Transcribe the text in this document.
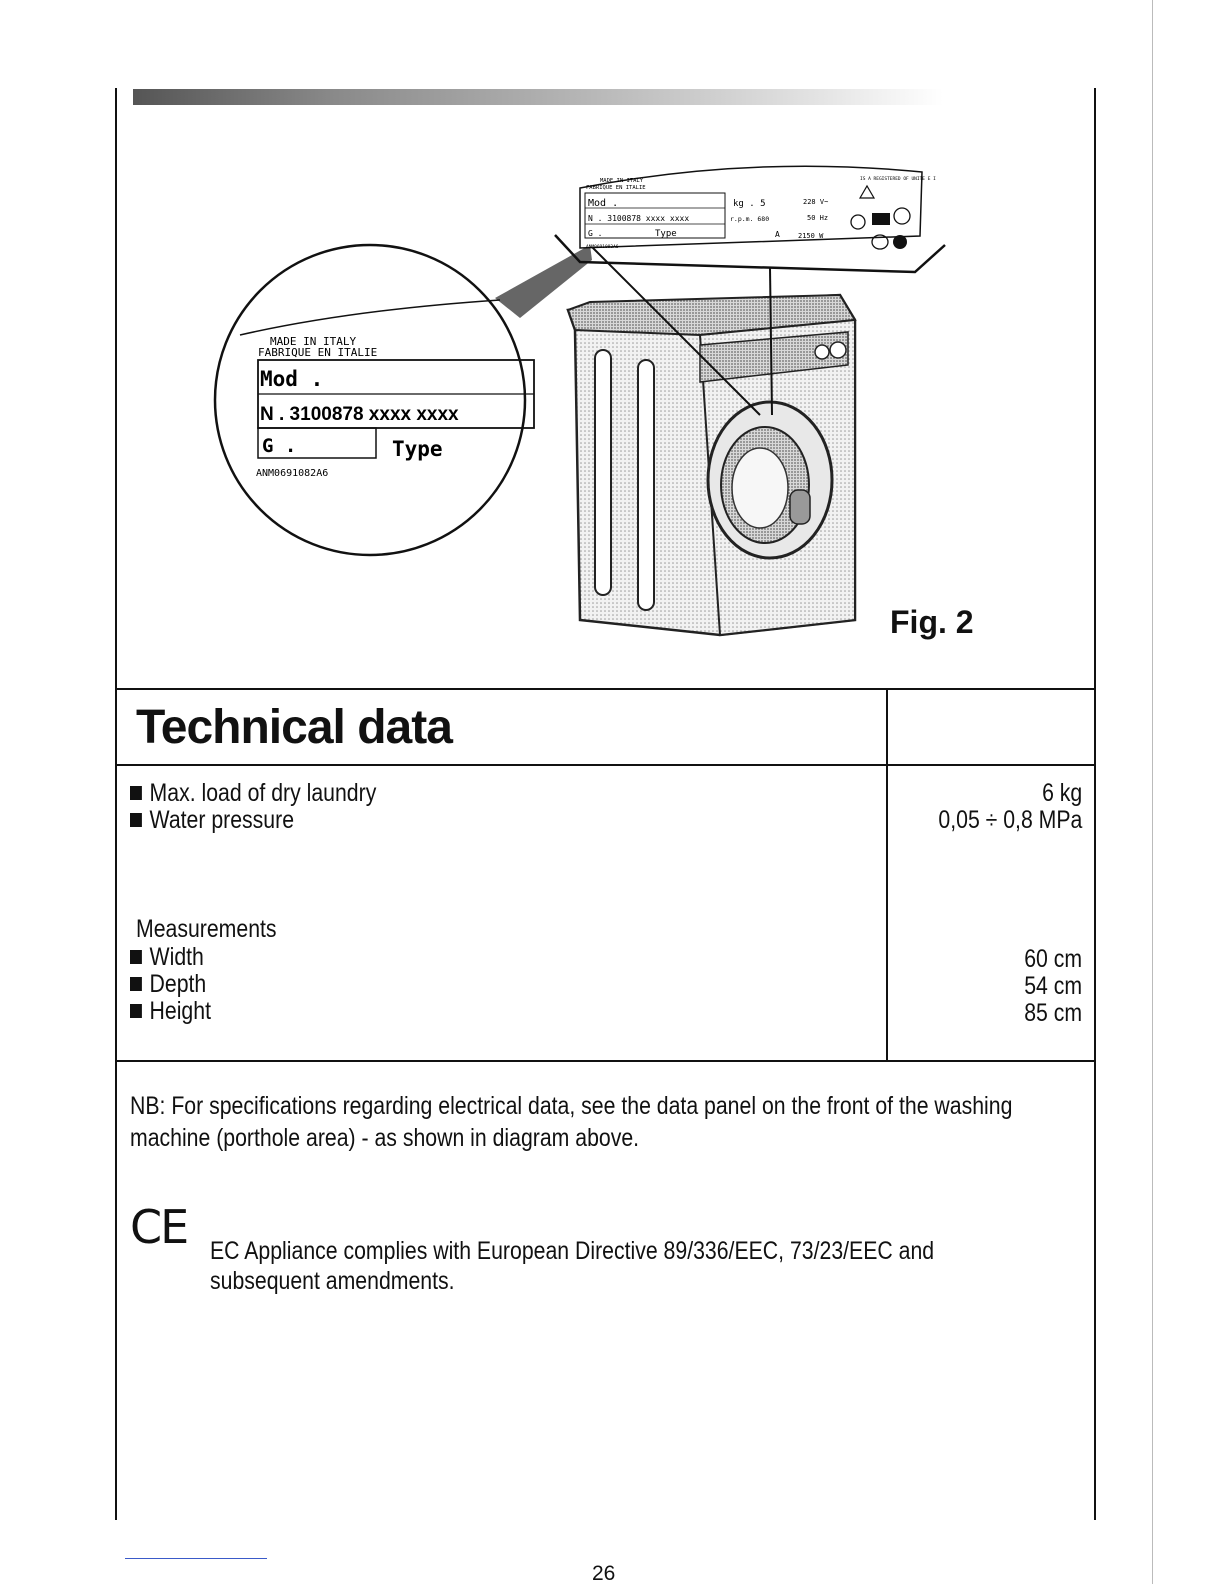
MADE IN ITALY
FABRIQUE EN ITALIE
Mod .
N . 3100878 xxxx xxxx
G .	Type
ANM0691082A6
MADE IN ITALY
FABRIQUE EN ITALIE
IS A REGISTERED OF UNITE E I
Mod .
N . 3100878 xxxx xxxx
G .	Type
kg . 5
r.p.m. 680
A
228 V~
50 Hz
2150 W
ANM0691082A6
Fig. 2
Technical data
Max. load of dry laundry
Water pressure
6 kg
0,05 ÷ 0,8 MPa
Measurements
Width
Depth
Height
60 cm
54 cm
85 cm
NB: For specifications regarding electrical data, see the data panel on the front of the washing machine (porthole area) - as shown in diagram above.
CE EC Appliance complies with European Directive 89/336/EEC, 73/23/EEC and
subsequent amendments.
26
